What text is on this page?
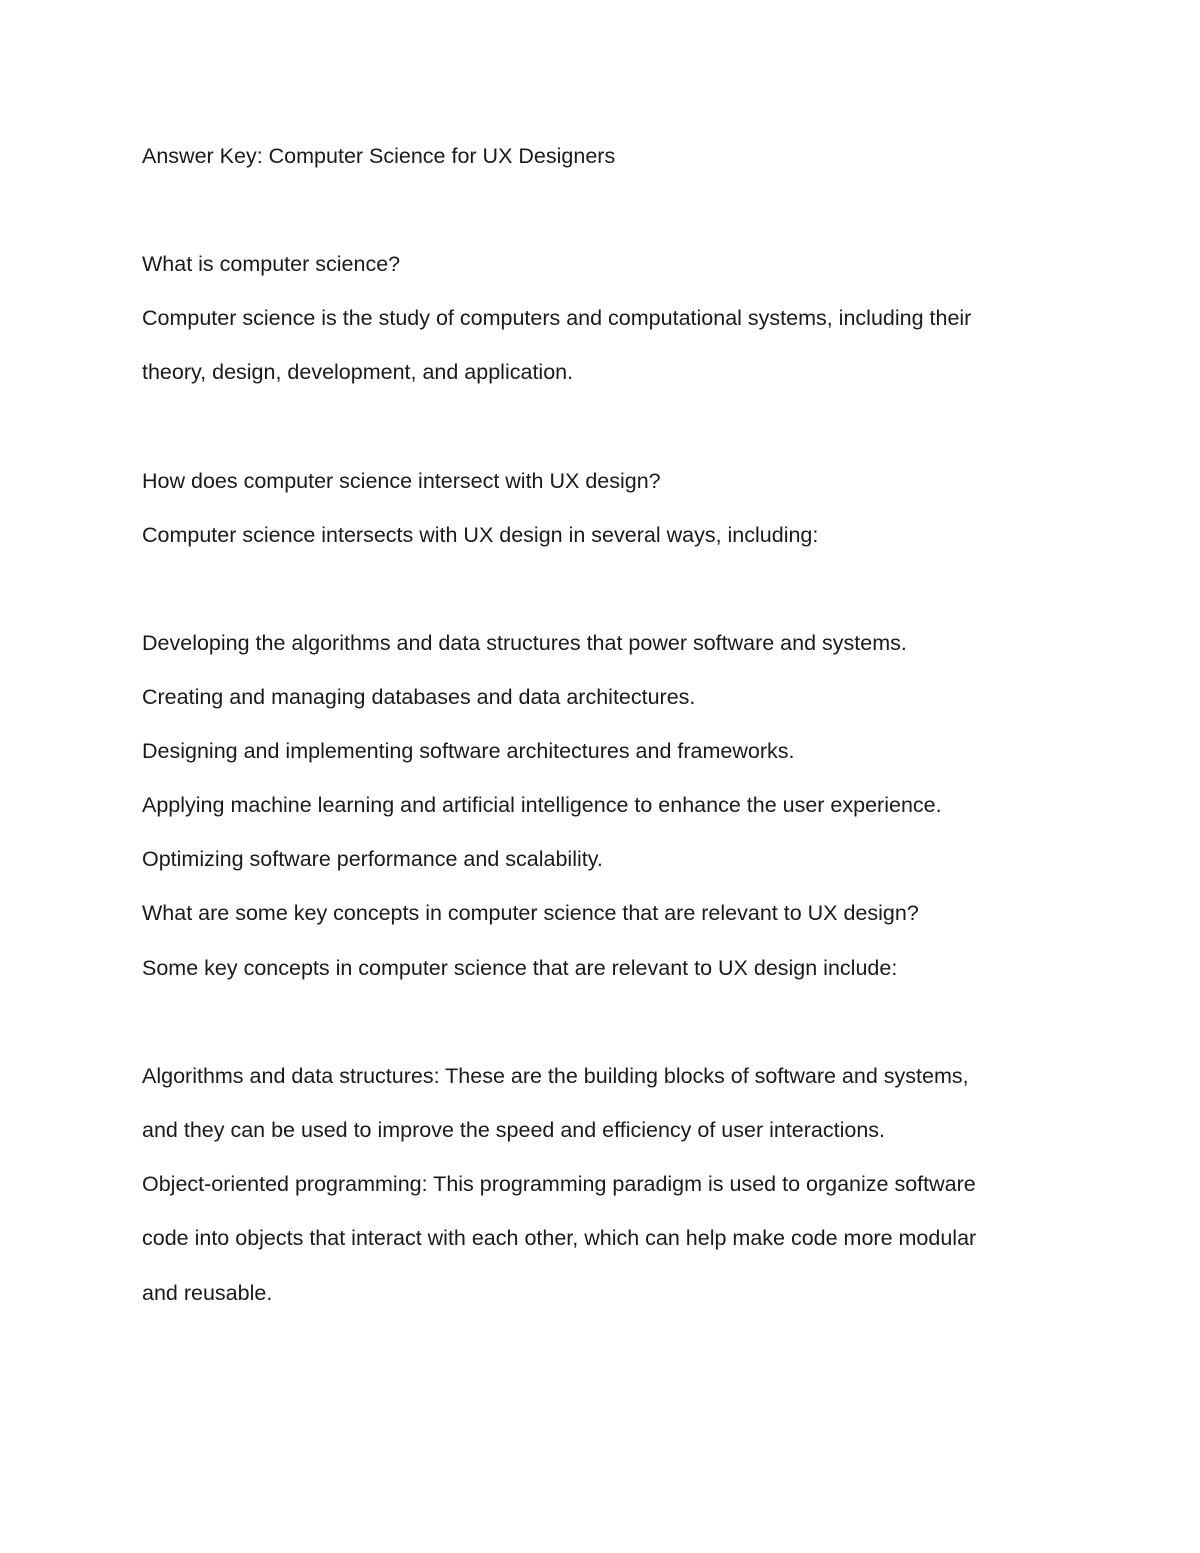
Answer Key: Computer Science for UX Designers

What is computer science?

Computer science is the study of computers and computational systems, including their

theory, design, development, and application.

How does computer science intersect with UX design?

Computer science intersects with UX design in several ways, including:

Developing the algorithms and data structures that power software and systems.

Creating and managing databases and data architectures.

Designing and implementing software architectures and frameworks.

Applying machine learning and artificial intelligence to enhance the user experience.

Optimizing software performance and scalability.

What are some key concepts in computer science that are relevant to UX design?

Some key concepts in computer science that are relevant to UX design include:

Algorithms and data structures: These are the building blocks of software and systems,

and they can be used to improve the speed and efficiency of user interactions.

Object-oriented programming: This programming paradigm is used to organize software

code into objects that interact with each other, which can help make code more modular

and reusable.
